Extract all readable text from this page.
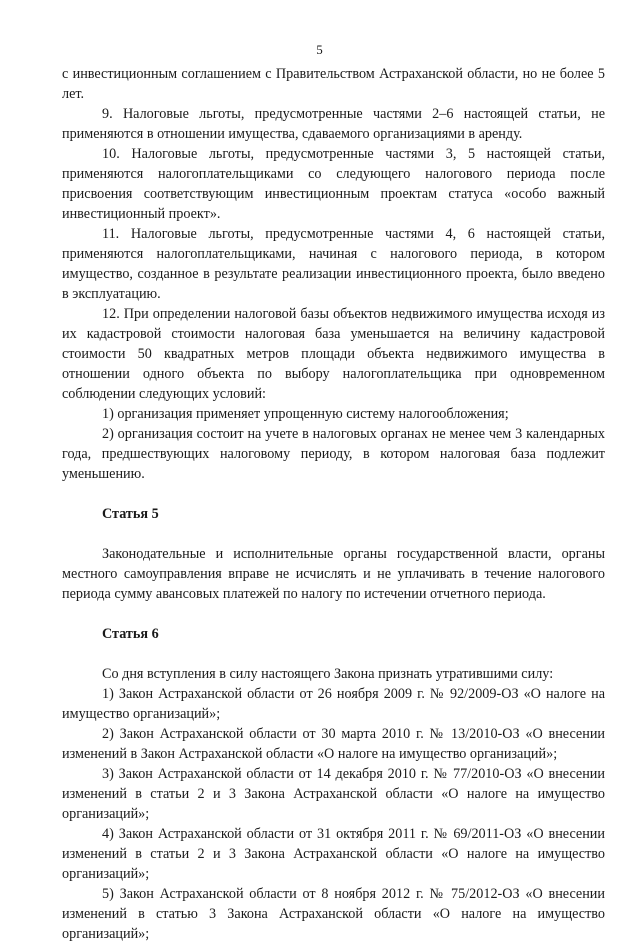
5

с инвестиционным соглашением с Правительством Астраханской области, но не более 5 лет.

9. Налоговые льготы, предусмотренные частями 2–6 настоящей статьи, не применяются в отношении имущества, сдаваемого организациями в аренду.

10. Налоговые льготы, предусмотренные частями 3, 5 настоящей статьи, применяются налогоплательщиками со следующего налогового периода после присвоения соответствующим инвестиционным проектам статуса «особо важный инвестиционный проект».

11. Налоговые льготы, предусмотренные частями 4, 6 настоящей статьи, применяются налогоплательщиками, начиная с налогового периода, в котором имущество, созданное в результате реализации инвестиционного проекта, было введено в эксплуатацию.

12. При определении налоговой базы объектов недвижимого имущества исходя из их кадастровой стоимости налоговая база уменьшается на величину кадастровой стоимости 50 квадратных метров площади объекта недвижимого имущества в отношении одного объекта по выбору налогоплательщика при одновременном соблюдении следующих условий:

1) организация применяет упрощенную систему налогообложения;

2) организация состоит на учете в налоговых органах не менее чем 3 календарных года, предшествующих налоговому периоду, в котором налоговая база подлежит уменьшению.

Статья 5

Законодательные и исполнительные органы государственной власти, органы местного самоуправления вправе не исчислять и не уплачивать в течение налогового периода сумму авансовых платежей по налогу по истечении отчетного периода.

Статья 6

Со дня вступления в силу настоящего Закона признать утратившими силу:

1) Закон Астраханской области от 26 ноября 2009 г. № 92/2009-ОЗ «О налоге на имущество организаций»;

2) Закон Астраханской области от 30 марта 2010 г. № 13/2010-ОЗ «О внесении изменений в Закон Астраханской области «О налоге на имущество организаций»;

3) Закон Астраханской области от 14 декабря 2010 г. № 77/2010-ОЗ «О внесении изменений в статьи 2 и 3 Закона Астраханской области «О налоге на имущество организаций»;

4) Закон Астраханской области от 31 октября 2011 г. № 69/2011-ОЗ «О внесении изменений в статьи 2 и 3 Закона Астраханской области «О налоге на имущество организаций»;

5) Закон Астраханской области от 8 ноября 2012 г. № 75/2012-ОЗ «О внесении изменений в статью 3 Закона Астраханской области «О налоге на имущество организаций»;
